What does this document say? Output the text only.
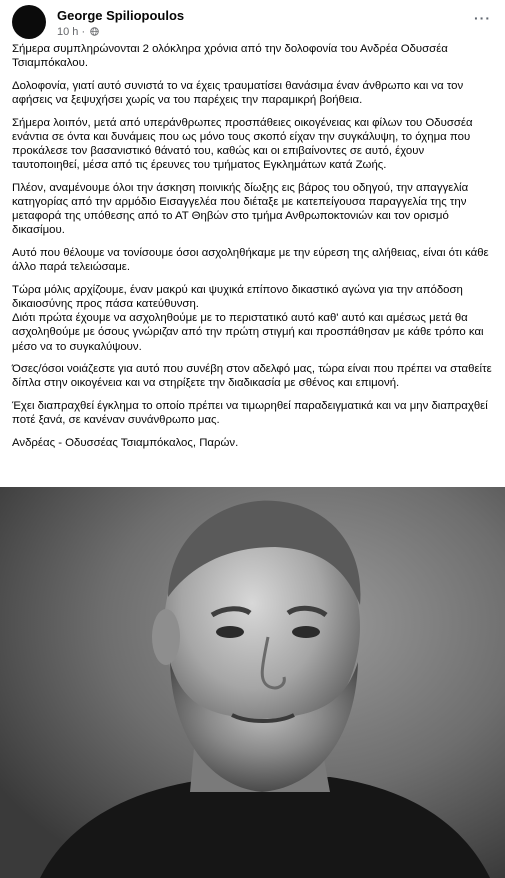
George Spiliopoulos
10 h ·
···

Σήμερα συμπληρώνονται 2 ολόκληρα χρόνια από την δολοφονία του Ανδρέα Οδυσσέα Τσιαμπόκαλου.

Δολοφονία, γιατί αυτό συνιστά το να έχεις τραυματίσει θανάσιμα έναν άνθρωπο και να τον αφήσεις να ξεψυχήσει χωρίς να του παρέχεις την παραμικρή βοήθεια.

Σήμερα λοιπόν, μετά από υπεράνθρωπες προσπάθειες οικογένειας και φίλων του Οδυσσέα ενάντια σε όντα και δυνάμεις που ως μόνο τους σκοπό είχαν την συγκάλυψη, το όχημα που προκάλεσε τον βασανιστικό θάνατό του, καθώς και οι επιβαίνοντες σε αυτό, έχουν ταυτοποιηθεί, μέσα από τις έρευνες του τμήματος Εγκλημάτων κατά Ζωής.

Πλέον, αναμένουμε όλοι την άσκηση ποινικής δίωξης εις βάρος του οδηγού, την απαγγελία κατηγορίας από την αρμόδιο Εισαγγελέα που διέταξε με κατεπείγουσα παραγγελία της την μεταφορά της υπόθεσης από το ΑΤ Θηβών στο τμήμα Ανθρωποκτονιών και τον ορισμό δικασίμου.

Αυτό που θέλουμε να τονίσουμε όσοι ασχοληθήκαμε με την εύρεση της αλήθειας, είναι ότι κάθε άλλο παρά τελειώσαμε.

Τώρα μόλις αρχίζουμε, έναν μακρύ και ψυχικά επίπονο δικαστικό αγώνα για την απόδοση δικαιοσύνης προς πάσα κατεύθυνση.
Διότι πρώτα έχουμε να ασχοληθούμε με το περιστατικό αυτό καθ' αυτό και αμέσως μετά θα ασχοληθούμε με όσους γνώριζαν από την πρώτη στιγμή και προσπάθησαν με κάθε τρόπο και μέσο να το συγκαλύψουν.

Όσες/όσοι νοιάζεστε για αυτό που συνέβη στον αδελφό μας, τώρα είναι που πρέπει να σταθείτε δίπλα στην οικογένεια και να στηρίξετε την διαδικασία με σθένος και επιμονή.

Έχει διαπραχθεί έγκλημα το οποίο πρέπει να τιμωρηθεί παραδειγματικά και να μην διαπραχθεί ποτέ ξανά, σε κανέναν συνάνθρωπο μας.

Ανδρέας - Οδυσσέας Τσιαμπόκαλος, Παρών.
